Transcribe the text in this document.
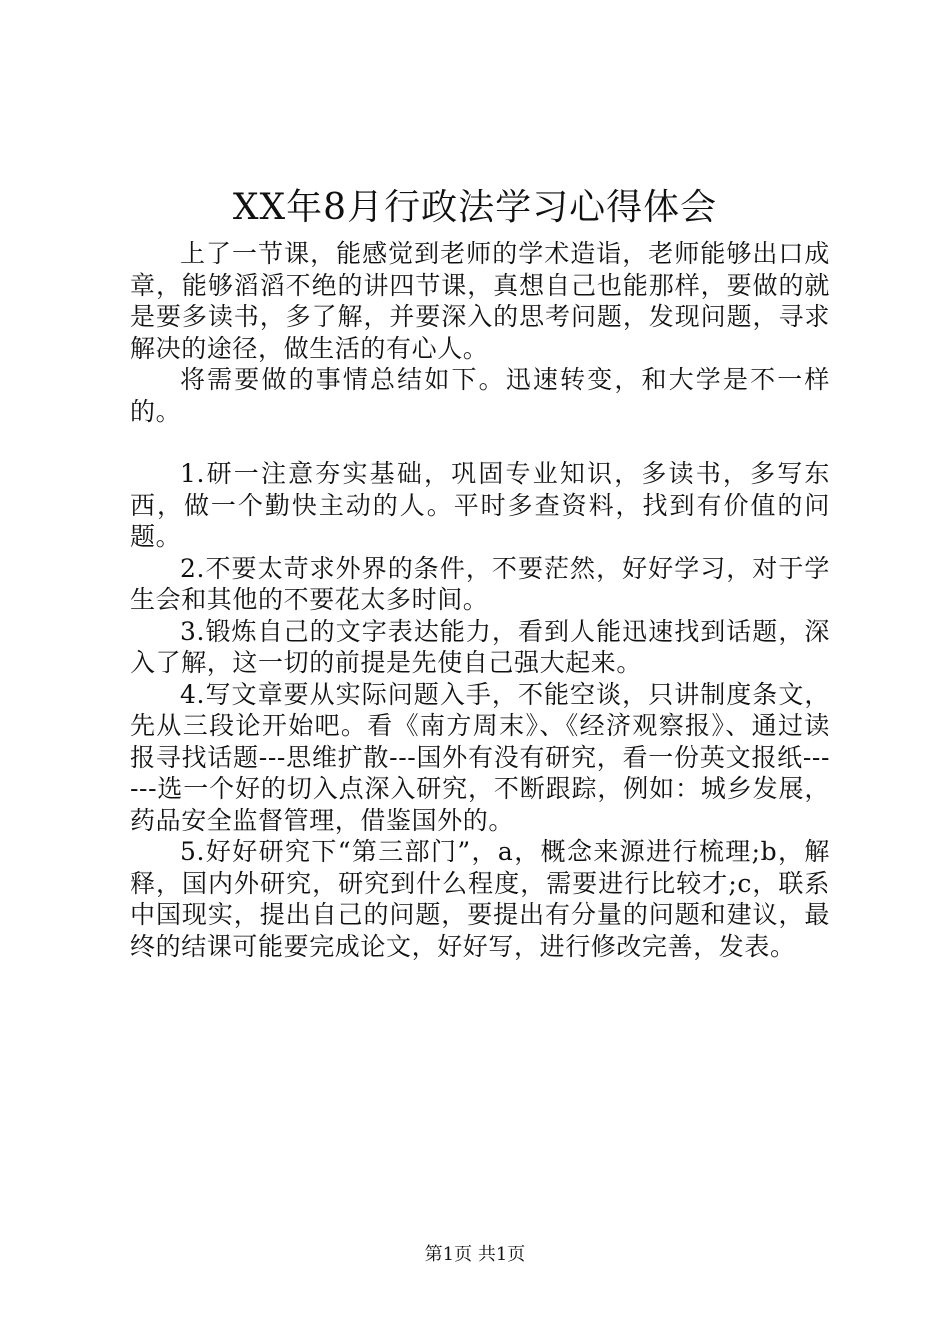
XX年8月行政法学习心得体会

上了一节课，能感觉到老师的学术造诣，老师能够出口成章，能够滔滔不绝的讲四节课，真想自己也能那样，要做的就是要多读书，多了解，并要深入的思考问题，发现问题，寻求解决的途径，做生活的有心人。

将需要做的事情总结如下。迅速转变，和大学是不一样的。

1.研一注意夯实基础，巩固专业知识，多读书，多写东西，做一个勤快主动的人。平时多查资料，找到有价值的问题。

2.不要太苛求外界的条件，不要茫然，好好学习，对于学生会和其他的不要花太多时间。

3.锻炼自己的文字表达能力，看到人能迅速找到话题，深入了解，这一切的前提是先使自己强大起来。

4.写文章要从实际问题入手，不能空谈，只讲制度条文，先从三段论开始吧。看《南方周末》、《经济观察报》、通过读报寻找话题---思维扩散---国外有没有研究，看一份英文报纸------选一个好的切入点深入研究，不断跟踪，例如：城乡发展，药品安全监督管理，借鉴国外的。

5.好好研究下“第三部门”，a，概念来源进行梳理;b，解释，国内外研究，研究到什么程度，需要进行比较才;c，联系中国现实，提出自己的问题，要提出有分量的问题和建议，最终的结课可能要完成论文，好好写，进行修改完善，发表。

第1页 共1页
